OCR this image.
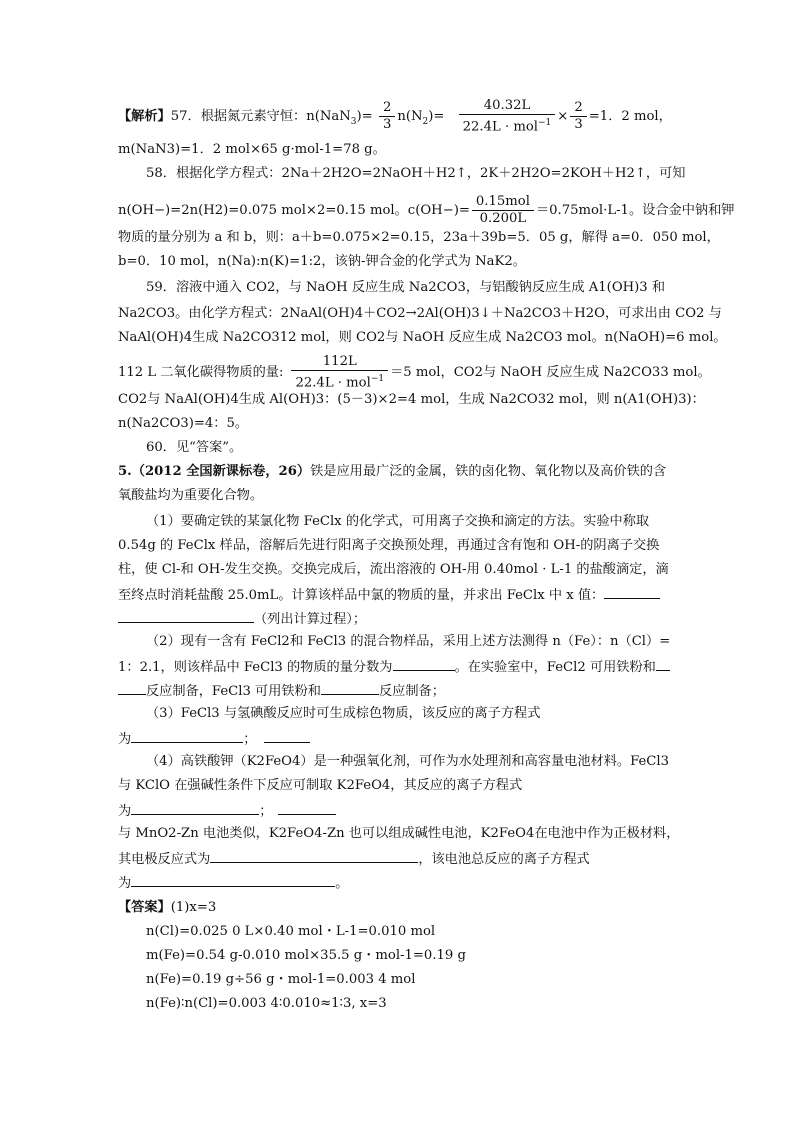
【解析】57．根据氮元素守恒：$n(NaN_3)= \frac{2}{3} n(N_2)= \frac{40.32L}{22.4L \cdot mol^{-1}} \times \frac{2}{3} =1$．2 mol，
m(NaN3)=1．2 mol×65 g·mol-1=78 g。
58．根据化学方程式：2Na＋2H2O=2NaOH＋H2↑，2K＋2H2O=2KOH＋H2↑，可知
n(OH−)=2n(H2)=0.075 mol×2=0.15 mol。$c(OH-)= \frac{\text{0.15mol}}{0.200L} =0.75mol\cdot L-1$。设合金中钠和钾
物质的量分别为 a 和 b，则：a＋b=0.075×2=0.15，23a＋39b=5．05 g，解得 a=0．050 mol，
b=0．10 mol，n(Na):n(K)=1:2，该钠-钾合金的化学式为 NaK2。
59．溶液中通入 CO2，与 NaOH 反应生成 Na2CO3，与铝酸钠反应生成 A1(OH)3 和
Na2CO3。由化学方程式：2NaAl(OH)4＋CO2→2Al(OH)3↓＋Na2CO3＋H2O，可求出由 CO2 与
NaAl(OH)4生成 Na2CO312 mol，则 CO2与 NaOH 反应生成 Na2CO3 mol。n(NaOH)=6 mol。
112 L 二氧化碳得物质的量: $\frac{112L}{22.4L \cdot mol^{-1}} =5$ mol，CO2与 NaOH 反应生成 Na2CO33 mol。
CO2与 NaAl(OH)4生成 Al(OH)3：(5－3)×2=4 mol，生成 Na2CO32 mol，则 n(A1(OH)3)：
n(Na2CO3)=4：5。
60．见“答案”。
5.（2012 全国新课标卷，26）铁是应用最广泛的金属，铁的卤化物、氧化物以及高价铁的含
氧酸盐均为重要化合物。
（1）要确定铁的某氯化物 FeClx 的化学式，可用离子交换和滴定的方法。实验中称取
0.54g 的 FeClx 样品，溶解后先进行阳离子交换预处理，再通过含有饱和 OH-的阴离子交换
柱，使 Cl-和 OH-发生交换。交换完成后，流出溶液的 OH-用 0.40mol · L-1 的盐酸滴定，滴
至终点时消耗盐酸 25.0mL。计算该样品中氯的物质的量，并求出 FeClx 中 x 值：
（列出计算过程）；
（2）现有一含有 FeCl2和 FeCl3 的混合物样品，采用上述方法测得 n（Fe）：n（Cl）=
1：2.1，则该样品中 FeCl3 的物质的量分数为	。在实验室中，FeCl2 可用铁粉和
反应制备，FeCl3 可用铁粉和	反应制备；
（3）FeCl3 与氢碘酸反应时可生成棕色物质，该反应的离子方程式
为	；
（4）高铁酸钾（K2FeO4）是一种强氧化剂，可作为水处理剂和高容量电池材料。FeCl3
与 KClO 在强碱性条件下反应可制取 K2FeO4，其反应的离子方程式
为	；
与 MnO2-Zn 电池类似，K2FeO4-Zn 也可以组成碱性电池，K2FeO4在电池中作为正极材料，
其电极反应式为	，该电池总反应的离子方程式
为	。
【答案】(1)x=3
n(Cl)=0.025 0 L×0.40 mol・L-1=0.010 mol
m(Fe)=0.54 g-0.010 mol×35.5 g・mol-1=0.19 g
n(Fe)=0.19 g÷56 g・mol-1=0.003 4 mol
n(Fe)∶n(Cl)=0.003 4∶0.010≈1∶3, x=3
